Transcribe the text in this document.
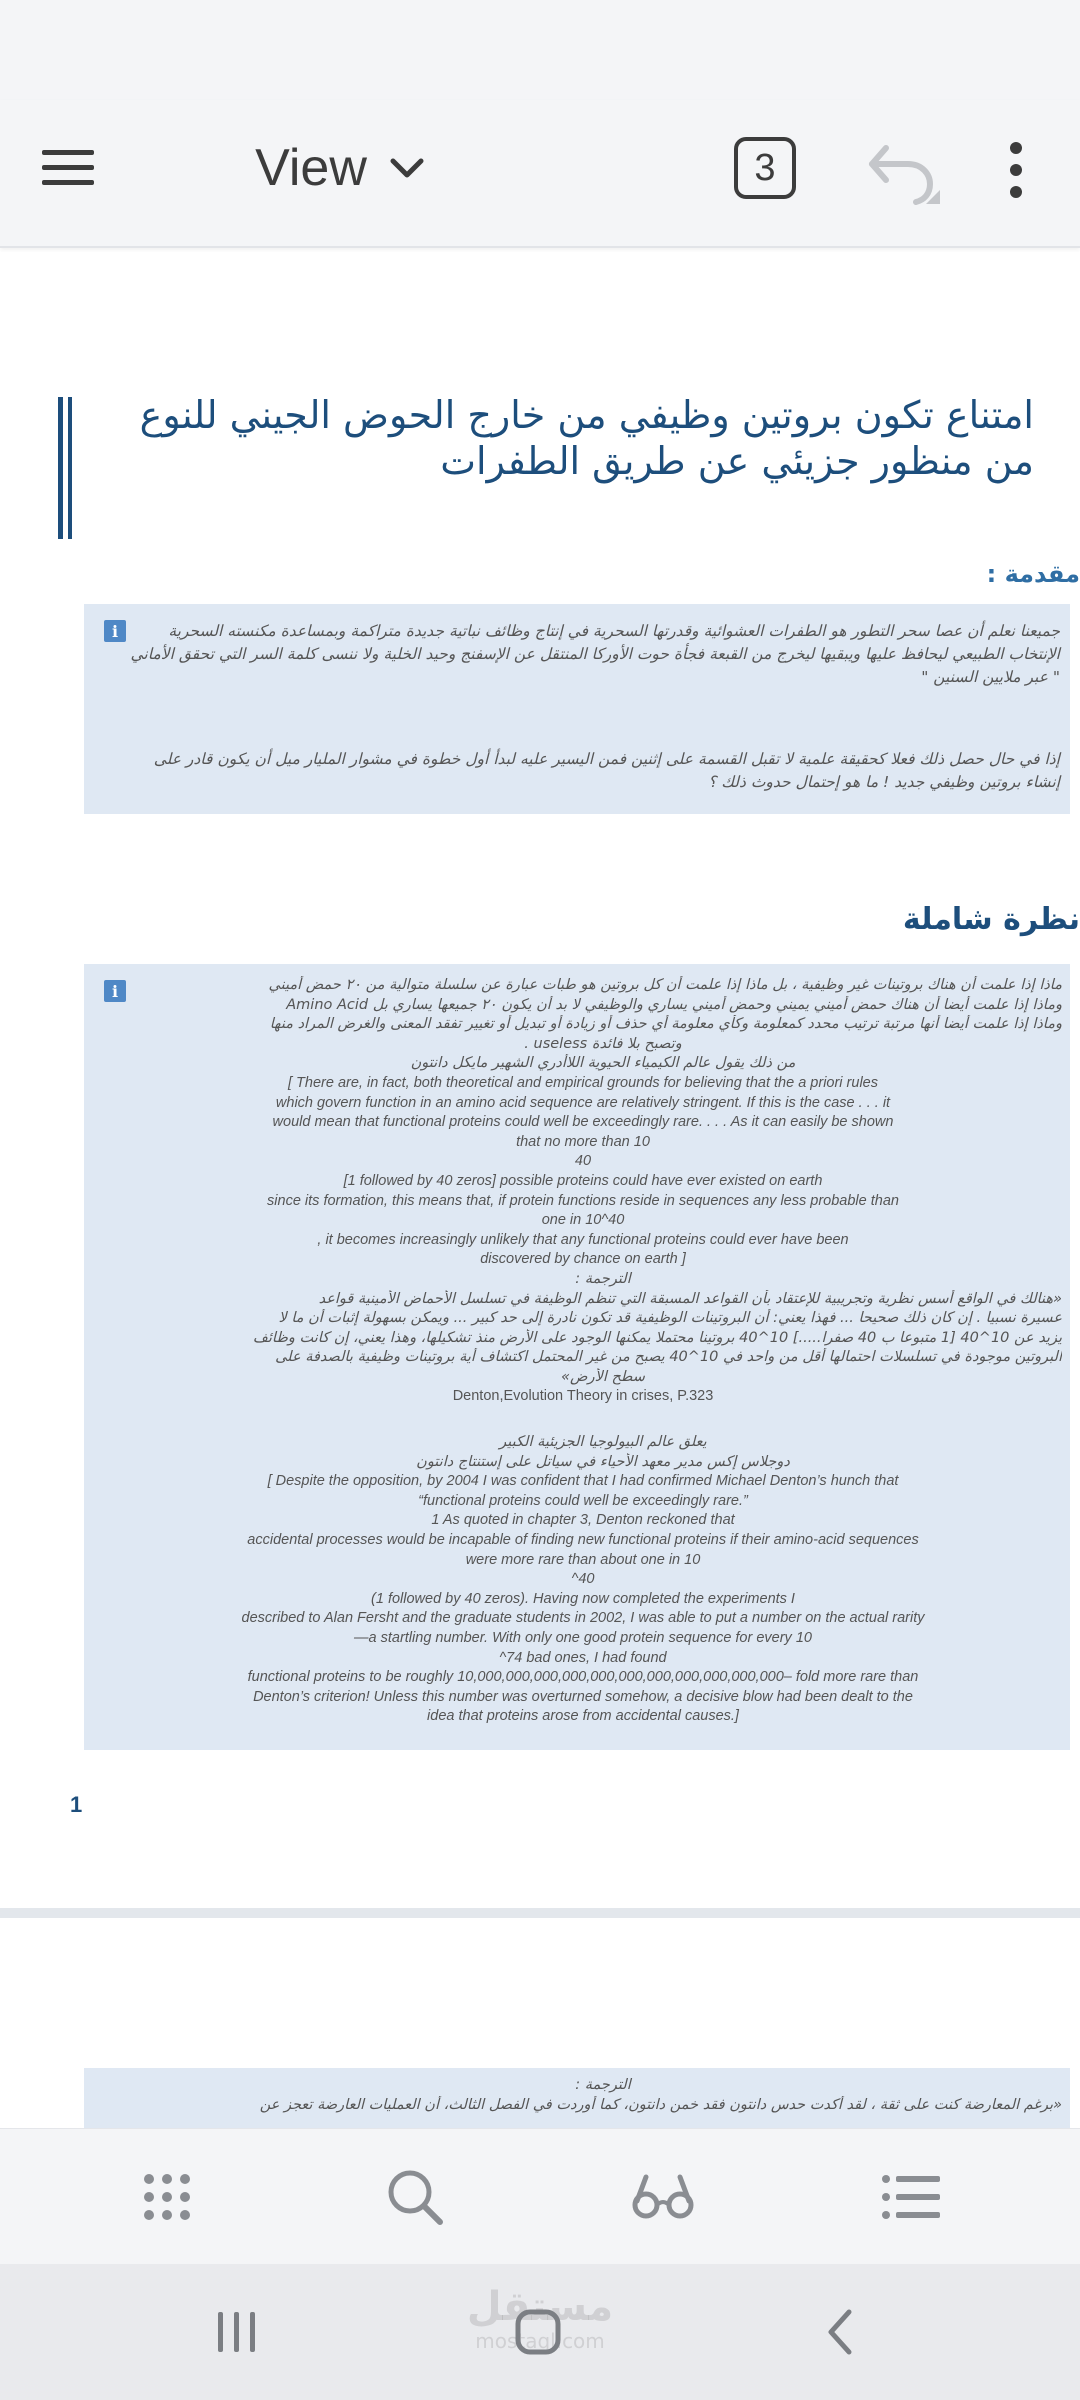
View	3
امتناع تكون بروتين وظيفي من خارج الحوض الجيني للنوع من منظور جزيئي عن طريق الطفرات
مقدمة :
i	جميعنا نعلم أن عصا سحر التطور هو الطفرات العشوائية وقدرتها السحرية في إنتاج وظائف نباتية جديدة متراكمة وبمساعدة مكنسته السحرية الإنتخاب الطبيعي ليحافظ عليها ويبقيها ليخرج من القبعة فجأة حوت الأوركا المنتقل عن الإسفنج وحيد الخلية ولا ننسى كلمة السر التي تحقق الأماني " عبر ملايين السنين "
إذا في حال حصل ذلك فعلا كحقيقة علمية لا تقبل القسمة على إثنين فمن اليسير عليه لبدأ أول خطوة في مشوار المليار ميل أن يكون قادر على إنشاء بروتين وظيفي جديد ! ما هو إحتمال حدوث ذلك ؟
نظرة شاملة
i	ماذا إذا علمت أن هناك بروتينات غير وظيفية ، بل ماذا إذا علمت أن كل بروتين هو طبات عبارة عن سلسلة متوالية من ٢٠ حمض أميني
وماذا إذا علمت أيضا أن هناك حمض أميني يميني وحمض أميني يساري والوظيفي لا بد أن يكون ٢٠ جميعها يساري بل Amino Acid
وماذا إذا علمت أيضا أنها مرتبة ترتيب محدد كمعلومة وكأي معلومة أي حذف أو زيادة أو تبديل أو تغيير تفقد المعنى والغرض المراد منها
وتصبح بلا فائدة useless .
من ذلك يقول عالم الكيمياء الحيوية اللاأدري الشهير مايكل دانتون
[ There are, in fact, both theoretical and empirical grounds for believing that the a priori rules
which govern function in an amino acid sequence are relatively stringent. If this is the case . . . it
would mean that functional proteins could well be exceedingly rare. . . . As it can easily be shown
that no more than 10
40
[1 followed by 40 zeros] possible proteins could have ever existed on earth
since its formation, this means that, if protein functions reside in sequences any less probable than
one in 10^40
, it becomes increasingly unlikely that any functional proteins could ever have been
discovered by chance on earth ]
الترجمة :
«هنالك في الواقع أسس نظرية وتجريبية للإعتقاد بأن القواعد المسبقة التي تنظم الوظيفة في تسلسل الأحماض الأمينية قواعد
عسيرة نسبيا . إن كان ذلك صحيحا ... فهذا يعني: أن البروتينات الوظيفية قد تكون نادرة إلى حد كبير ... ويمكن بسهولة إثبات أن ما لا
يزيد عن 10^40 [1 متبوعا ب 40 صفرا.....] 10^40 بروتينا محتملا يمكنها الوجود على الأرض منذ تشكيلها، وهذا يعني، إن كانت وظائف
البروتين موجودة في تسلسلات احتمالها أقل من واحد في 10^40 يصبح من غير المحتمل اكتشاف أية بروتينات وظيفية بالصدفة على
سطح الأرض»
Denton,Evolution Theory in crises, P.323
يعلق عالم البيولوجيا الجزيئية الكبير
دوجلاس إكس مدير معهد الأحياء في سياتل على إستنتاج دانتون
[ Despite the opposition, by 2004 I was confident that I had confirmed Michael Denton’s hunch that
“functional proteins could well be exceedingly rare.”
1 As quoted in chapter 3, Denton reckoned that
accidental processes would be incapable of finding new functional proteins if their amino-acid sequences
were more rare than about one in 10
^40
(1 followed by 40 zeros). Having now completed the experiments I
described to Alan Fersht and the graduate students in 2002, I was able to put a number on the actual rarity
—a startling number. With only one good protein sequence for every 10
^74 bad ones, I had found
functional proteins to be roughly 10,000,000,000,000,000,000,000,000,000,000,000– fold more rare than
Denton’s criterion! Unless this number was overturned somehow, a decisive blow had been dealt to the
idea that proteins arose from accidental causes.]
1
الترجمة :
«برغم المعارضة كنت على ثقة ، لقد أكدت حدس دانتون فقد خمن دانتون، كما أوردت في الفصل الثالث، أن العمليات العارضة تعجز عن
مستقل
mostaql.com
